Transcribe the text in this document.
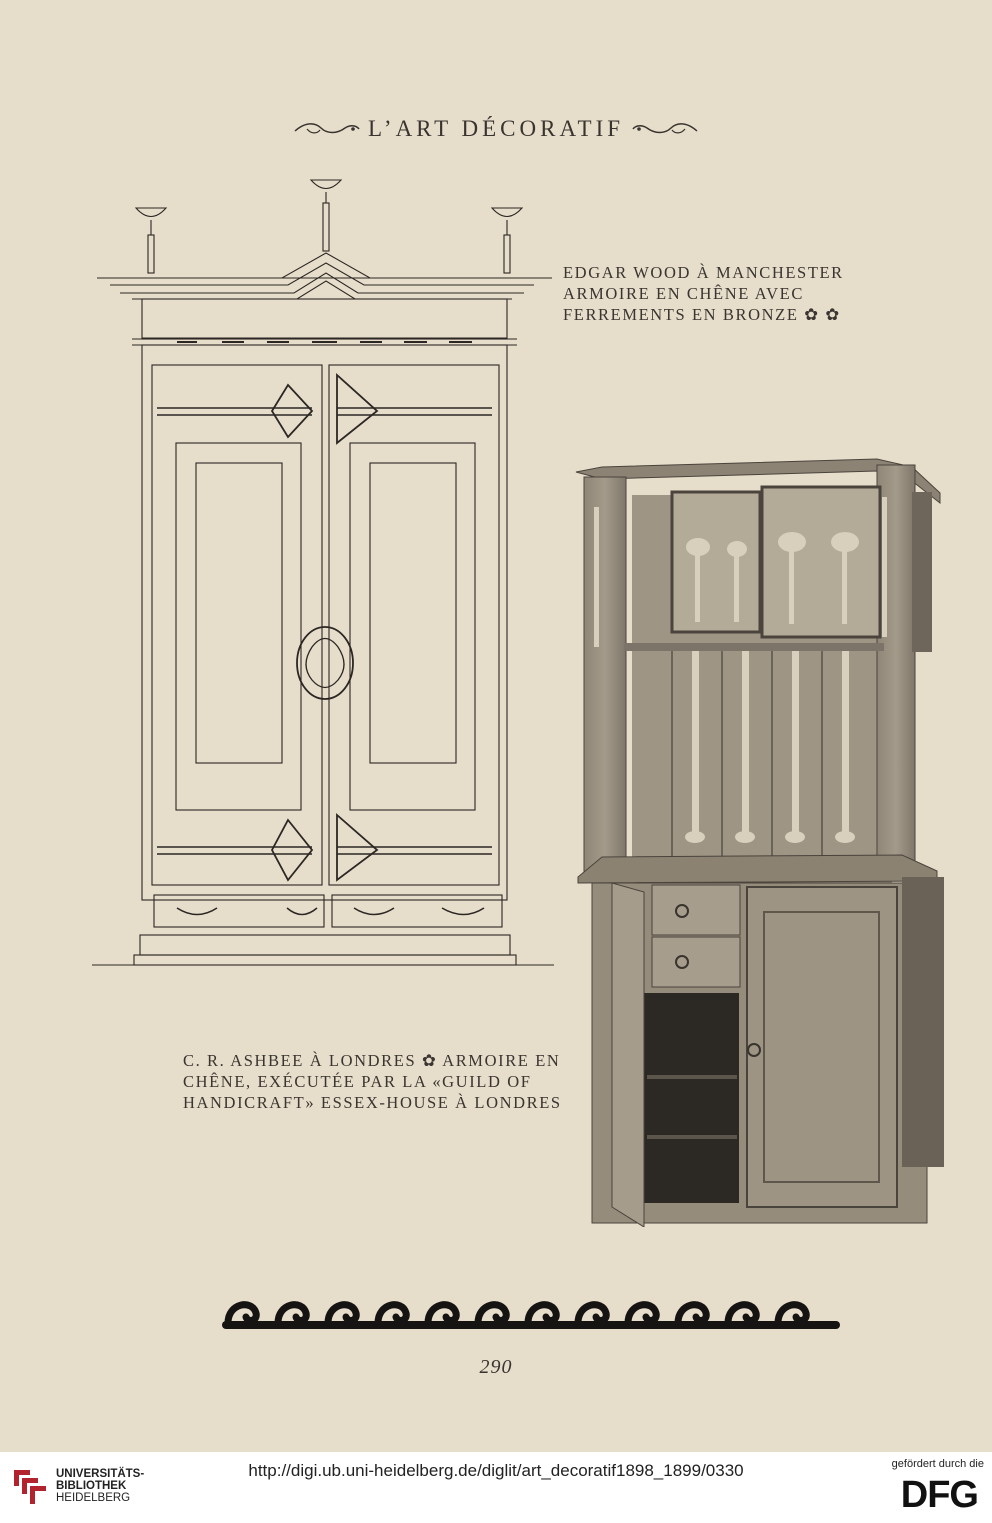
L’ART DÉCORATIF
EDGAR WOOD À MANCHESTER
ARMOIRE EN CHÊNE AVEC
FERREMENTS EN BRONZE ✿ ✿
C. R. ASHBEE À LONDRES ✿ ARMOIRE EN
CHÊNE, EXÉCUTÉE PAR LA «GUILD OF
HANDICRAFT» ESSEX-HOUSE À LONDRES
290
UNIVERSITÄTS-
BIBLIOTHEK
HEIDELBERG
http://digi.ub.uni-heidelberg.de/diglit/art_decoratif1898_1899/0330	gefördert durch die
DFG
